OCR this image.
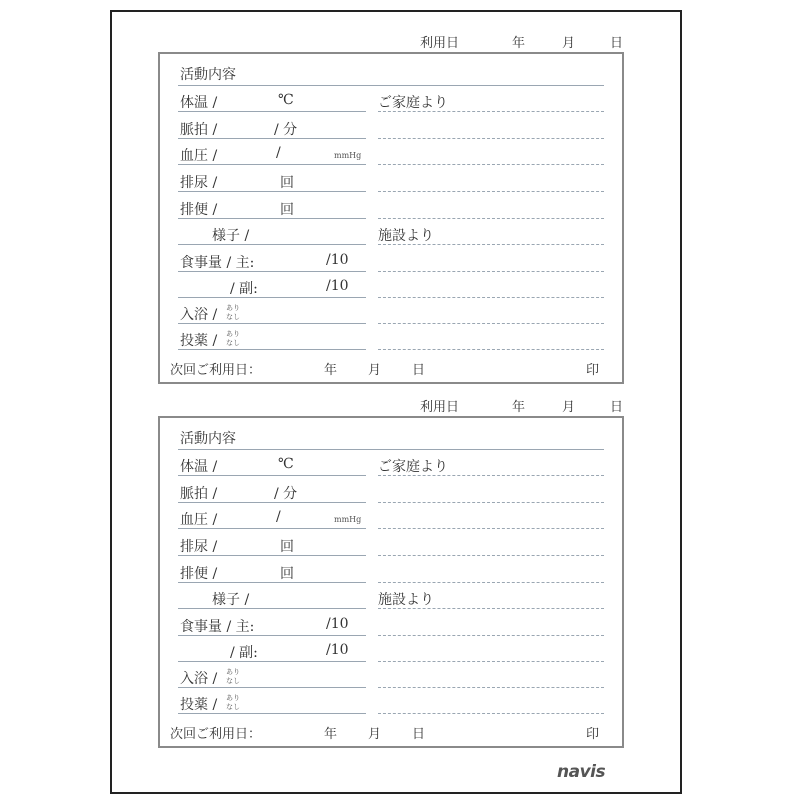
利用日	年	月	日
活動内容
体温 /	℃
脈拍 /	/ 分
血圧 /	/	mmHg
排尿 /	回
排便 /	回
様子 /
食事量 / 主:	/10
/ 副:	/10
入浴 / あり
なし
投薬 / あり
なし
ご家庭より
施設より
次回ご利用日：	年 月 日	印
利用日	年	月	日
活動内容
体温 /	℃
脈拍 /	/ 分
血圧 /	/	mmHg
排尿 /	回
排便 /	回
様子 /
食事量 / 主:	/10
/ 副:	/10
入浴 / あり
なし
投薬 / あり
なし
ご家庭より
施設より
次回ご利用日：	年 月 日	印
navis
